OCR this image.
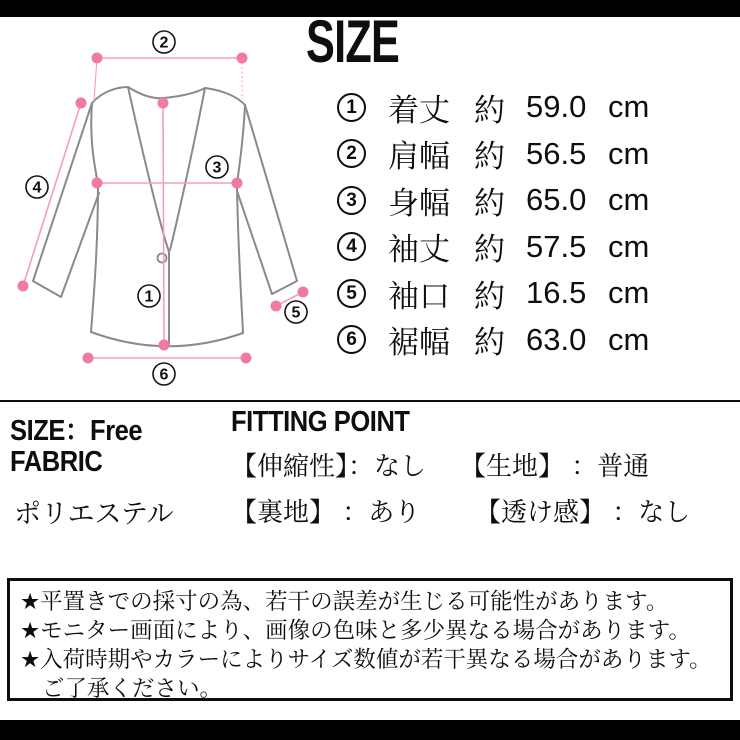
2
4
3
1
5
6
SIZE
1 着丈 約 59.0 cm
2 肩幅 約 56.5 cm
3 身幅 約 65.0 cm
4 袖丈 約 57.5 cm
5 袖口 約 16.5 cm
6 裾幅 約 63.0 cm
SIZE：Free
FABRIC
ポリエステル
FITTING POINT
【伸縮性】：なし	【生地】 ：普通
【裏地】 ：あり	【透け感】 ：なし
★平置きでの採寸の為、若干の誤差が生じる可能性があります。
★モニター画面により、画像の色味と多少異なる場合があります。
★入荷時期やカラーによりサイズ数値が若干異なる場合があります。
ご了承ください。
